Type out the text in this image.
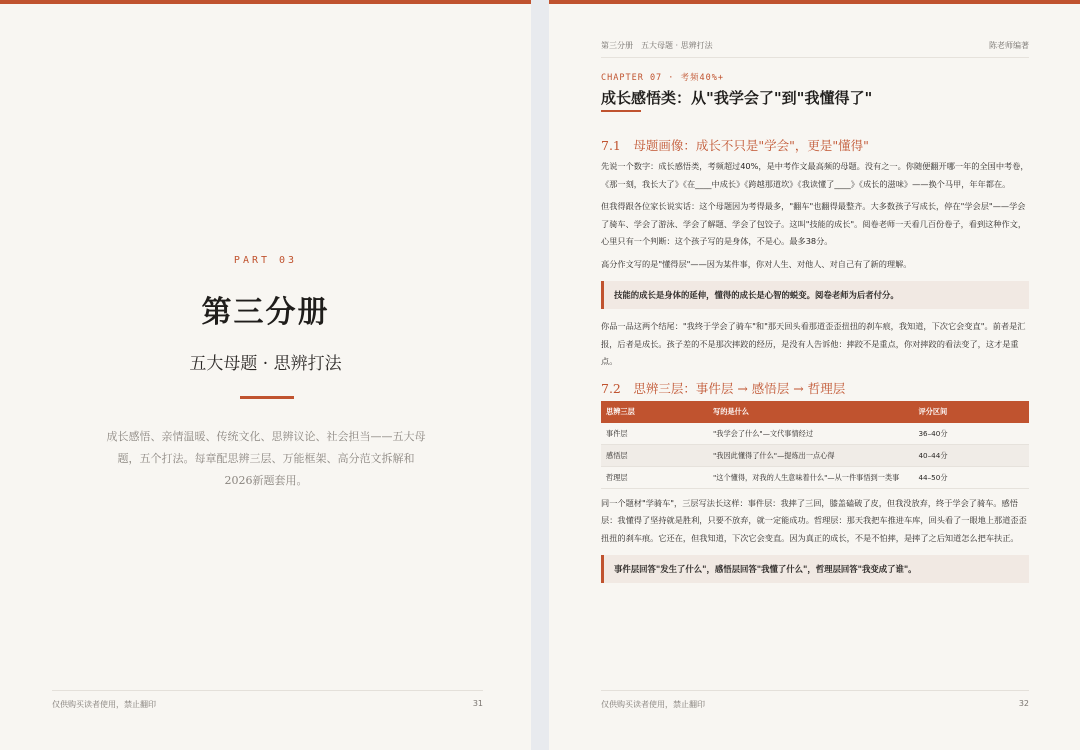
PART 03
第三分册
五大母题 · 思辨打法
成长感悟、亲情温暖、传统文化、思辨议论、社会担当——五大母题，五个打法。每章配思辨三层、万能框架、高分范文拆解和2026新题套用。
仅供购买读者使用，禁止翻印	31
第三分册　五大母题 · 思辨打法	陈老师编著
CHAPTER 07 · 考频40%+
成长感悟类：从"我学会了"到"我懂得了"
7.1　母题画像：成长不只是"学会"，更是"懂得"

先说一个数字：成长感悟类，考频超过40%，是中考作文最高频的母题。没有之一。你随便翻开哪一年的全国中考卷，《那一刻，我长大了》《在____中成长》《跨越那道坎》《我读懂了____》《成长的滋味》——换个马甲，年年都在。

但我得跟各位家长说实话：这个母题因为考得最多，"翻车"也翻得最整齐。大多数孩子写成长，停在"学会层"——学会了骑车、学会了游泳、学会了解题、学会了包饺子。这叫"技能的成长"。阅卷老师一天看几百份卷子，看到这种作文，心里只有一个判断：这个孩子写的是身体，不是心。最多38分。

高分作文写的是"懂得层"——因为某件事，你对人生、对他人、对自己有了新的理解。

技能的成长是身体的延伸，懂得的成长是心智的蜕变。阅卷老师为后者付分。

你品一品这两个结尾："我终于学会了骑车"和"那天回头看那道歪歪扭扭的刹车痕，我知道，下次它会变直"。前者是汇报，后者是成长。孩子差的不是那次摔跤的经历，是没有人告诉他：摔跤不是重点，你对摔跤的看法变了，这才是重点。

7.2　思辨三层：事件层 → 感悟层 → 哲理层
思辨三层	写的是什么	评分区间
事件层	"我学会了什么"—文代事情经过	36–40分
感悟层	"我因此懂得了什么"—提炼出一点心得	40–44分
哲理层	"这个懂得，对我的人生意味着什么"—从一件事悟到一类事	44–50分

同一个题材"学骑车"，三层写法长这样：事件层：我摔了三回，膝盖磕破了皮，但我没放弃，终于学会了骑车。感悟层：我懂得了坚持就是胜利，只要不放弃，就一定能成功。哲理层：那天我把车推进车库，回头看了一眼地上那道歪歪扭扭的刹车痕。它还在，但我知道，下次它会变直。因为真正的成长，不是不怕摔，是摔了之后知道怎么把车扶正。

事件层回答"发生了什么"，感悟层回答"我懂了什么"，哲理层回答"我变成了谁"。
仅供购买读者使用，禁止翻印	32
